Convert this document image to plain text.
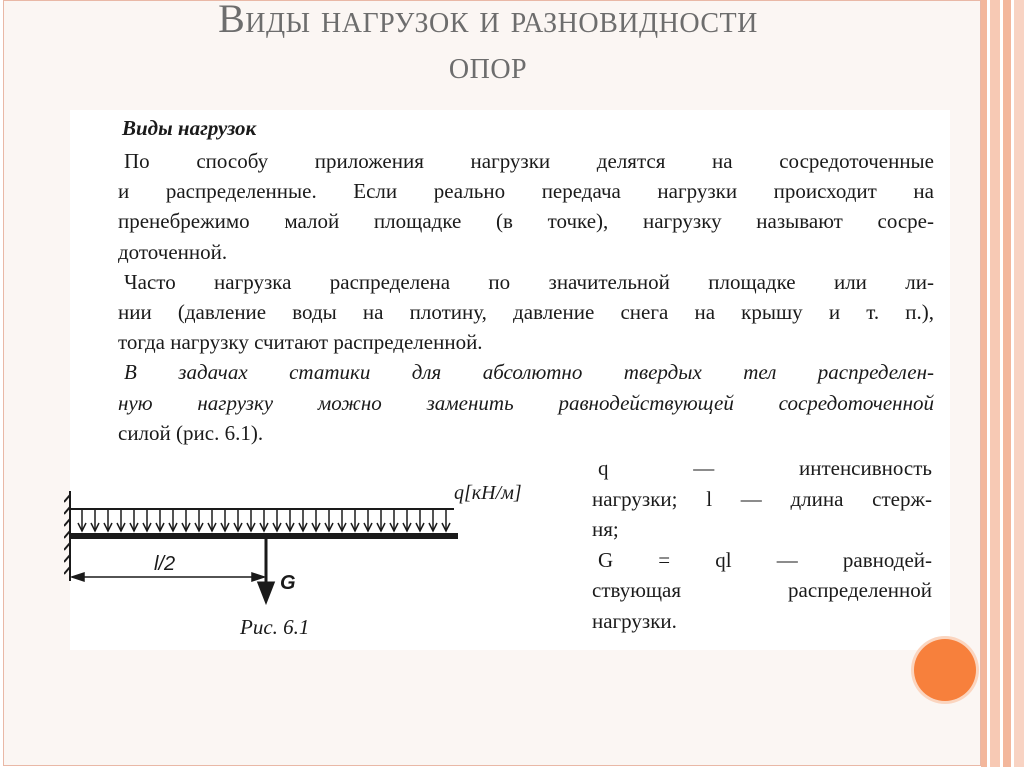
Виды нагрузок и разновидности
опор
Виды нагрузок
По способу приложения нагрузки делятся на сосредоточенные
и распределенные. Если реально передача нагрузки происходит на
пренебрежимо малой площадке (в точке), нагрузку называют сосре-
доточенной.
Часто нагрузка распределена по значительной площадке или ли-
нии (давление воды на плотину, давление снега на крышу и т. п.),
тогда нагрузку считают распределенной.
В задачах статики для абсолютно твердых тел распределен-
ную нагрузку можно заменить равнодействующей сосредоточенной
силой (рис. 6.1).
q — интенсивность
нагрузки; l — длина стерж-
ня;
G = ql — равнодей-
ствующая распределенной
нагрузки.
q[кН/м]
l/2
G
Рис. 6.1
